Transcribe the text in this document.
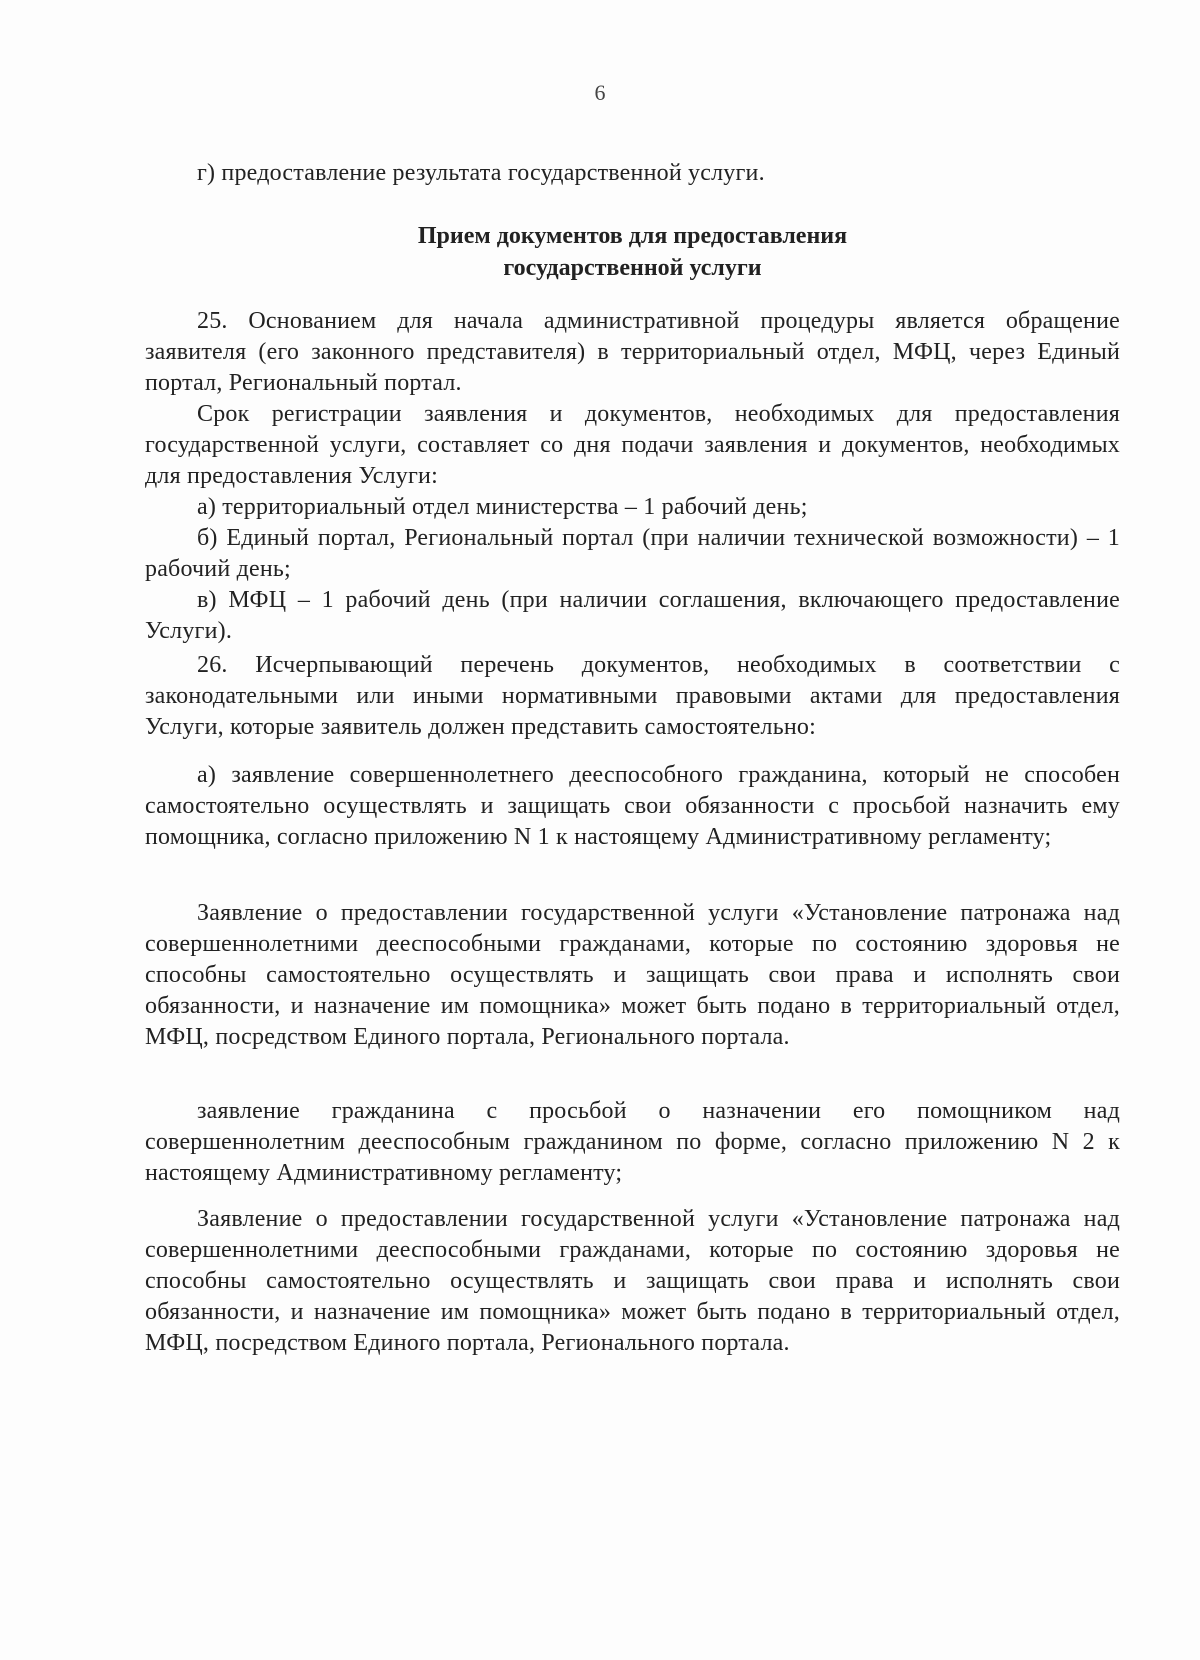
6

г) предоставление результата государственной услуги.

Прием документов для предоставления
государственной услуги

25. Основанием для начала административной процедуры является обращение заявителя (его законного представителя) в территориальный отдел, МФЦ, через Единый портал, Региональный портал.

Срок регистрации заявления и документов, необходимых для предоставления государственной услуги, составляет со дня подачи заявления и документов, необходимых для предоставления Услуги:

а) территориальный отдел министерства – 1 рабочий день;

б) Единый портал, Региональный портал (при наличии технической возможности) – 1 рабочий день;

в) МФЦ – 1 рабочий день (при наличии соглашения, включающего предоставление Услуги).

26. Исчерпывающий перечень документов, необходимых в соответствии с законодательными или иными нормативными правовыми актами для предоставления Услуги, которые заявитель должен представить самостоятельно:

а) заявление совершеннолетнего дееспособного гражданина, который не способен самостоятельно осуществлять и защищать свои обязанности с просьбой назначить ему помощника, согласно приложению N 1 к настоящему Административному регламенту;

Заявление о предоставлении государственной услуги «Установление патронажа над совершеннолетними дееспособными гражданами, которые по состоянию здоровья не способны самостоятельно осуществлять и защищать свои права и исполнять свои обязанности, и назначение им помощника» может быть подано в территориальный отдел, МФЦ, посредством Единого портала, Регионального портала.

заявление гражданина с просьбой о назначении его помощником над совершеннолетним дееспособным гражданином по форме, согласно приложению N 2 к настоящему Административному регламенту;

Заявление о предоставлении государственной услуги «Установление патронажа над совершеннолетними дееспособными гражданами, которые по состоянию здоровья не способны самостоятельно осуществлять и защищать свои права и исполнять свои обязанности, и назначение им помощника» может быть подано в территориальный отдел, МФЦ, посредством Единого портала, Регионального портала.
